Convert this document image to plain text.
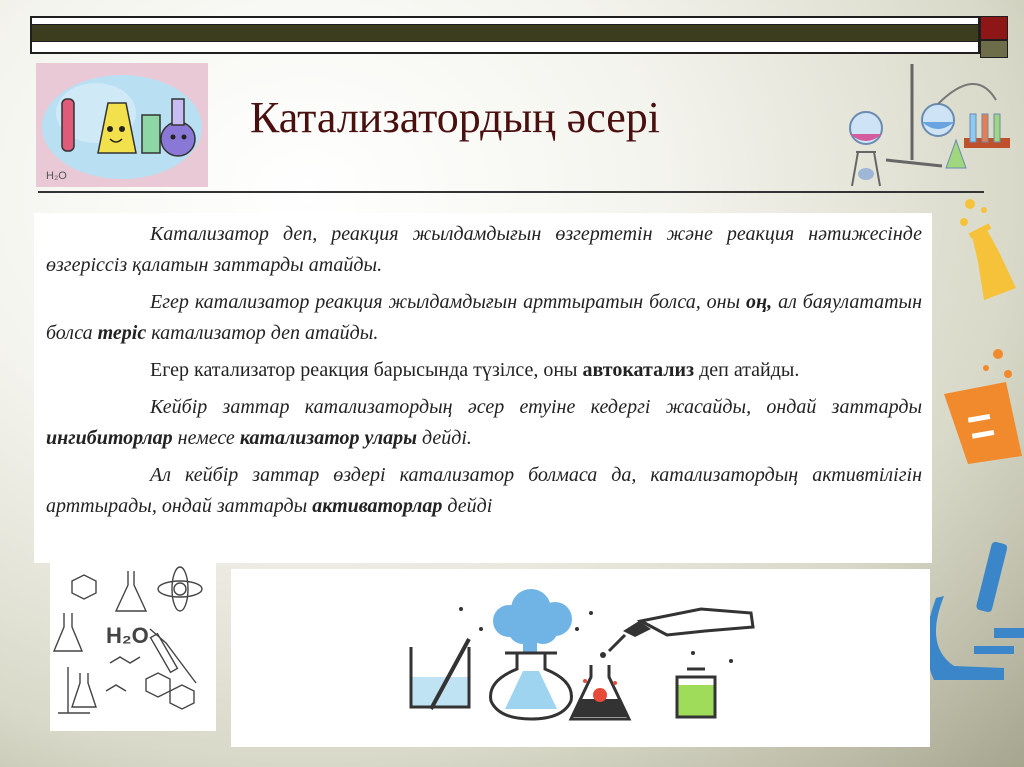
H₂O
Катализатордың әсері

Катализатор деп, реакция жылдамдығын өзгертетін және реакция нәтижесінде өзгеріссіз қалатын заттарды атайды.

Егер катализатор реакция жылдамдығын арттыратын болса, оны оң, ал баяулататын болса теріс катализатор деп атайды.

Егер катализатор реакция барысында түзілсе, оны автокатализ деп атайды.

Кейбір заттар катализатордың әсер етуіне кедергі жасайды, ондай заттарды ингибиторлар немесе катализатор улары дейді.

Ал кейбір заттар өздері катализатор болмаса да, катализатордың активтілігін арттырады, ондай заттарды активаторлар дейді

H₂O
